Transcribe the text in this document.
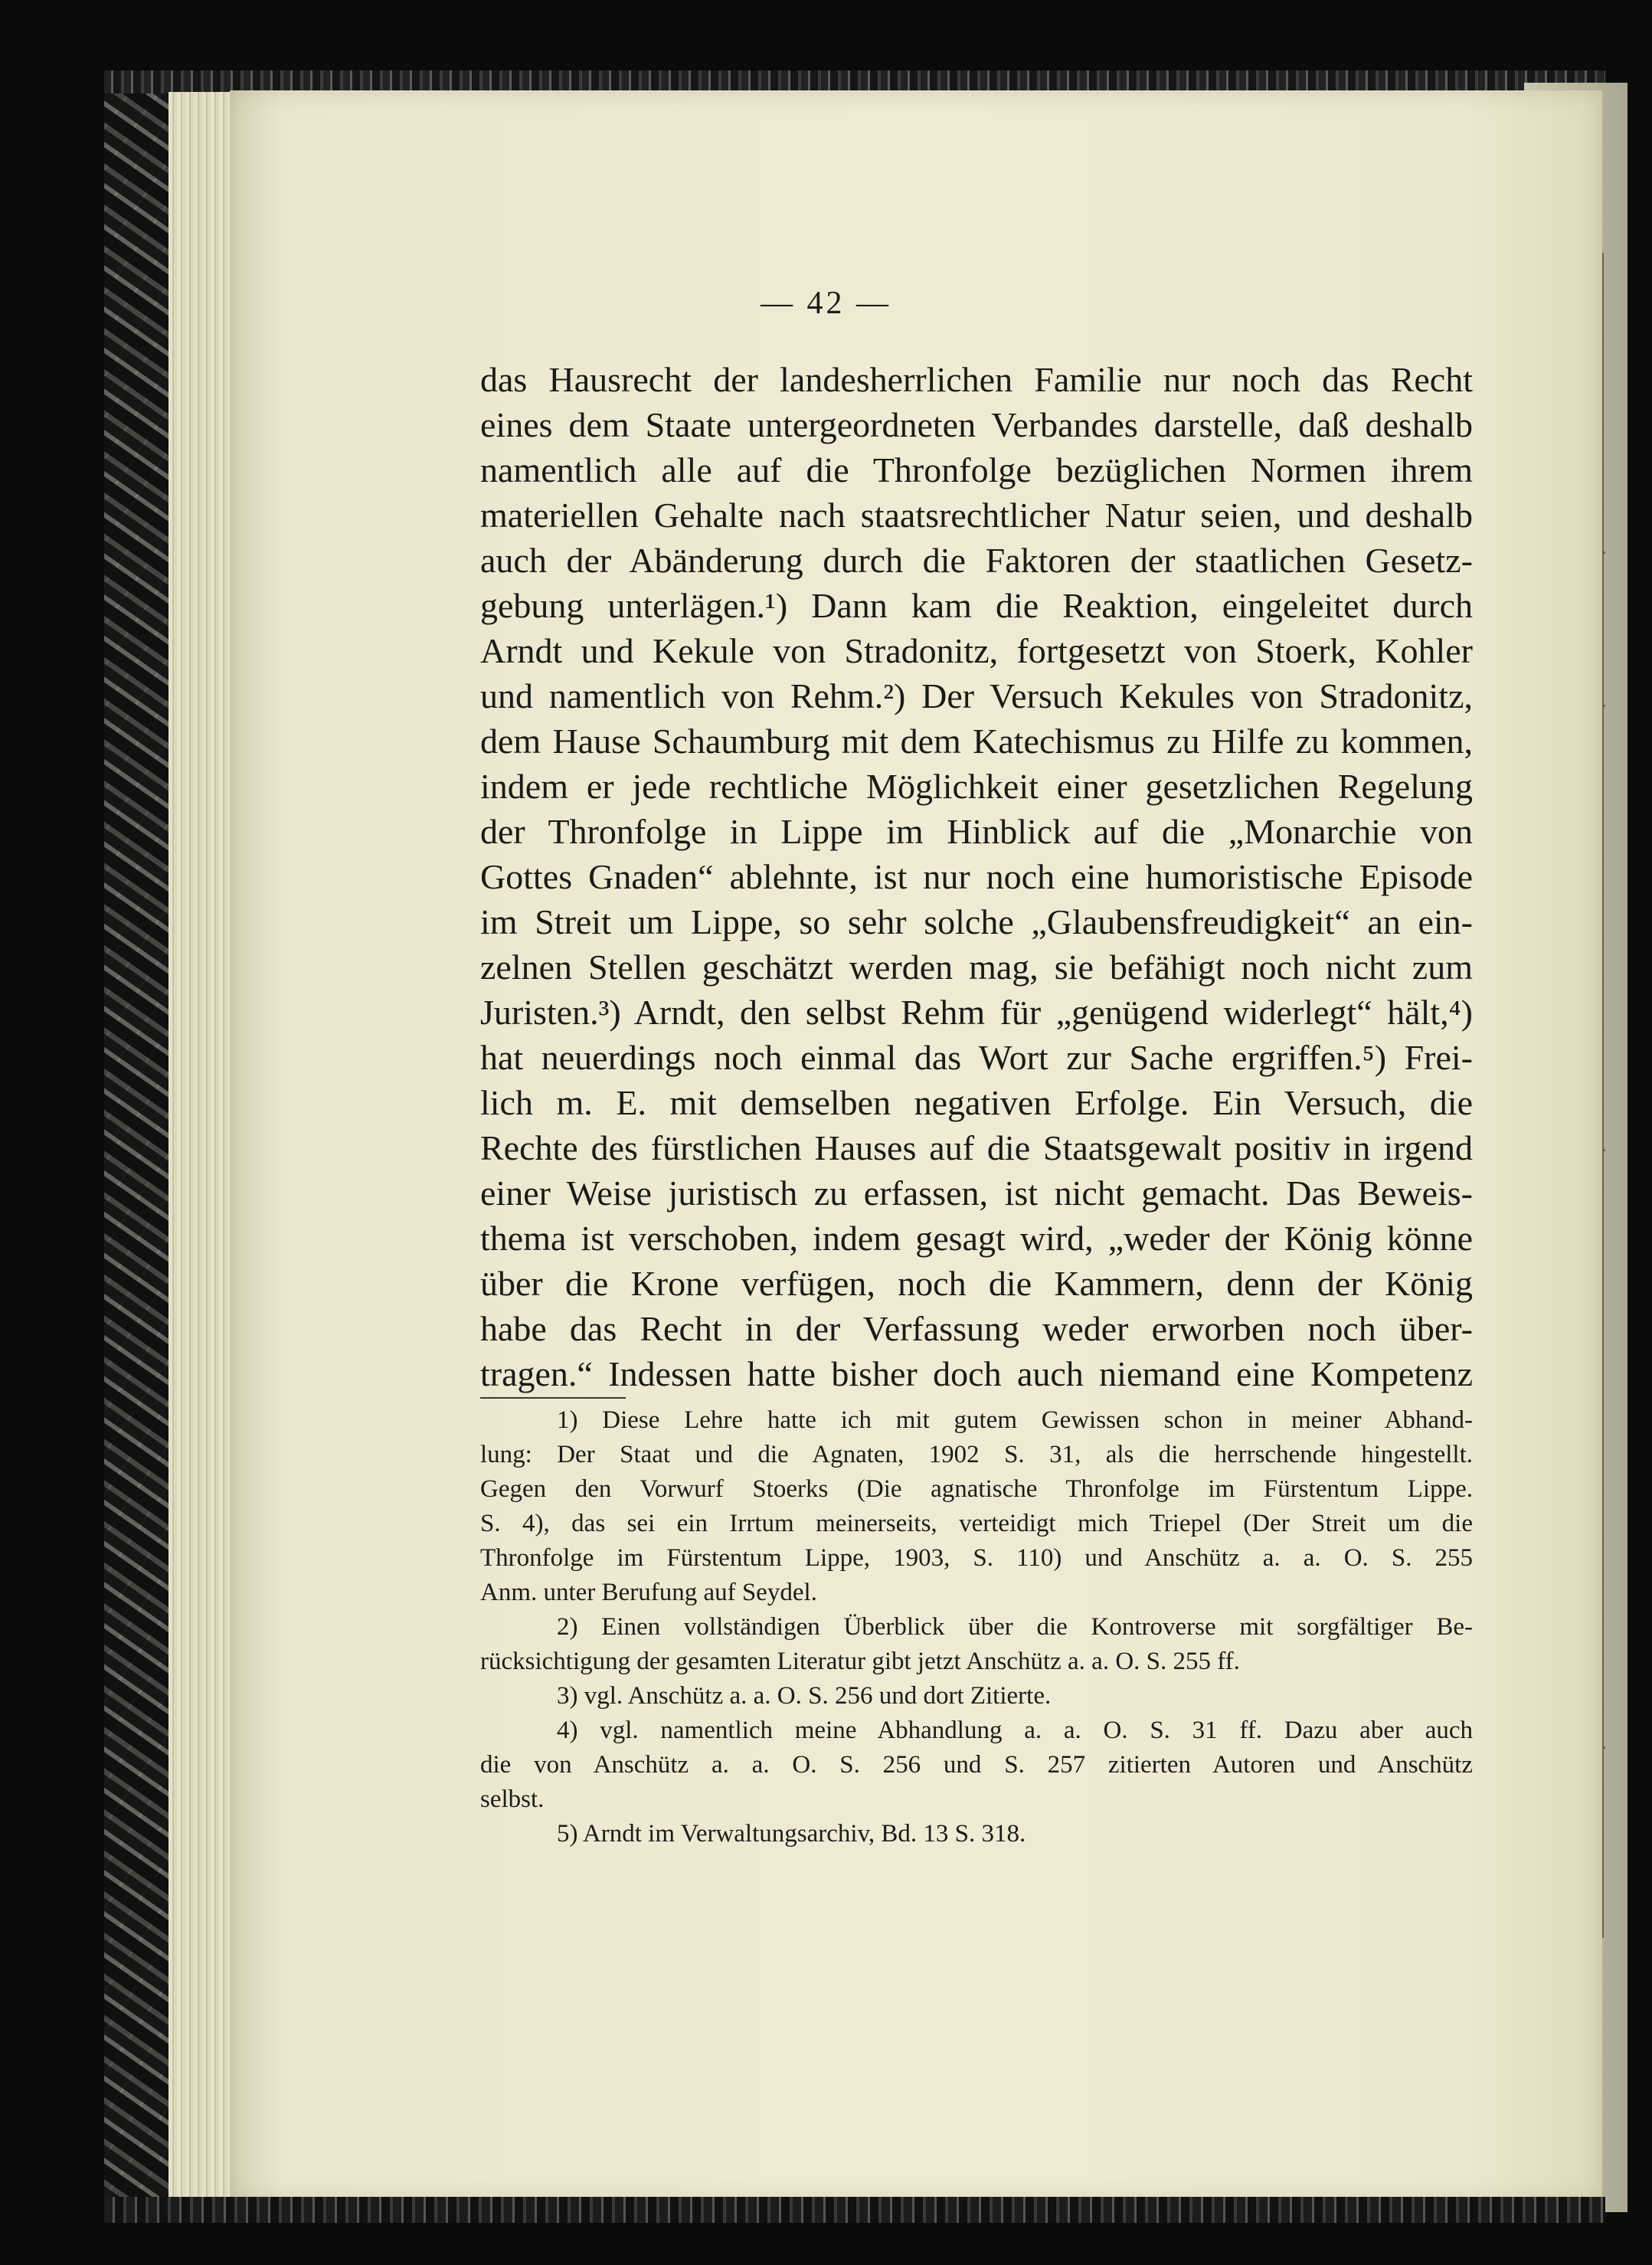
— 42 —
das Hausrecht der landesherrlichen Familie nur noch das Recht
eines dem Staate untergeordneten Verbandes darstelle, daß deshalb
namentlich alle auf die Thronfolge bezüglichen Normen ihrem
materiellen Gehalte nach staatsrechtlicher Natur seien, und deshalb
auch der Abänderung durch die Faktoren der staatlichen Gesetz-
gebung unterlägen.¹) Dann kam die Reaktion, eingeleitet durch
Arndt und Kekule von Stradonitz, fortgesetzt von Stoerk, Kohler
und namentlich von Rehm.²) Der Versuch Kekules von Stradonitz,
dem Hause Schaumburg mit dem Katechismus zu Hilfe zu kommen,
indem er jede rechtliche Möglichkeit einer gesetzlichen Regelung
der Thronfolge in Lippe im Hinblick auf die „Monarchie von
Gottes Gnaden“ ablehnte, ist nur noch eine humoristische Episode
im Streit um Lippe, so sehr solche „Glaubensfreudigkeit“ an ein-
zelnen Stellen geschätzt werden mag, sie befähigt noch nicht zum
Juristen.³) Arndt, den selbst Rehm für „genügend widerlegt“ hält,⁴)
hat neuerdings noch einmal das Wort zur Sache ergriffen.⁵) Frei-
lich m. E. mit demselben negativen Erfolge. Ein Versuch, die
Rechte des fürstlichen Hauses auf die Staatsgewalt positiv in irgend
einer Weise juristisch zu erfassen, ist nicht gemacht. Das Beweis-
thema ist verschoben, indem gesagt wird, „weder der König könne
über die Krone verfügen, noch die Kammern, denn der König
habe das Recht in der Verfassung weder erworben noch über-
tragen.“ Indessen hatte bisher doch auch niemand eine Kompetenz
1) Diese Lehre hatte ich mit gutem Gewissen schon in meiner Abhand-
lung: Der Staat und die Agnaten, 1902 S. 31, als die herrschende hingestellt.
Gegen den Vorwurf Stoerks (Die agnatische Thronfolge im Fürstentum Lippe.
S. 4), das sei ein Irrtum meinerseits, verteidigt mich Triepel (Der Streit um die
Thronfolge im Fürstentum Lippe, 1903, S. 110) und Anschütz a. a. O. S. 255
Anm. unter Berufung auf Seydel.
2) Einen vollständigen Überblick über die Kontroverse mit sorgfältiger Be-
rücksichtigung der gesamten Literatur gibt jetzt Anschütz a. a. O. S. 255 ff.
3) vgl. Anschütz a. a. O. S. 256 und dort Zitierte.
4) vgl. namentlich meine Abhandlung a. a. O. S. 31 ff. Dazu aber auch
die von Anschütz a. a. O. S. 256 und S. 257 zitierten Autoren und Anschütz
selbst.
5) Arndt im Verwaltungsarchiv, Bd. 13 S. 318.
